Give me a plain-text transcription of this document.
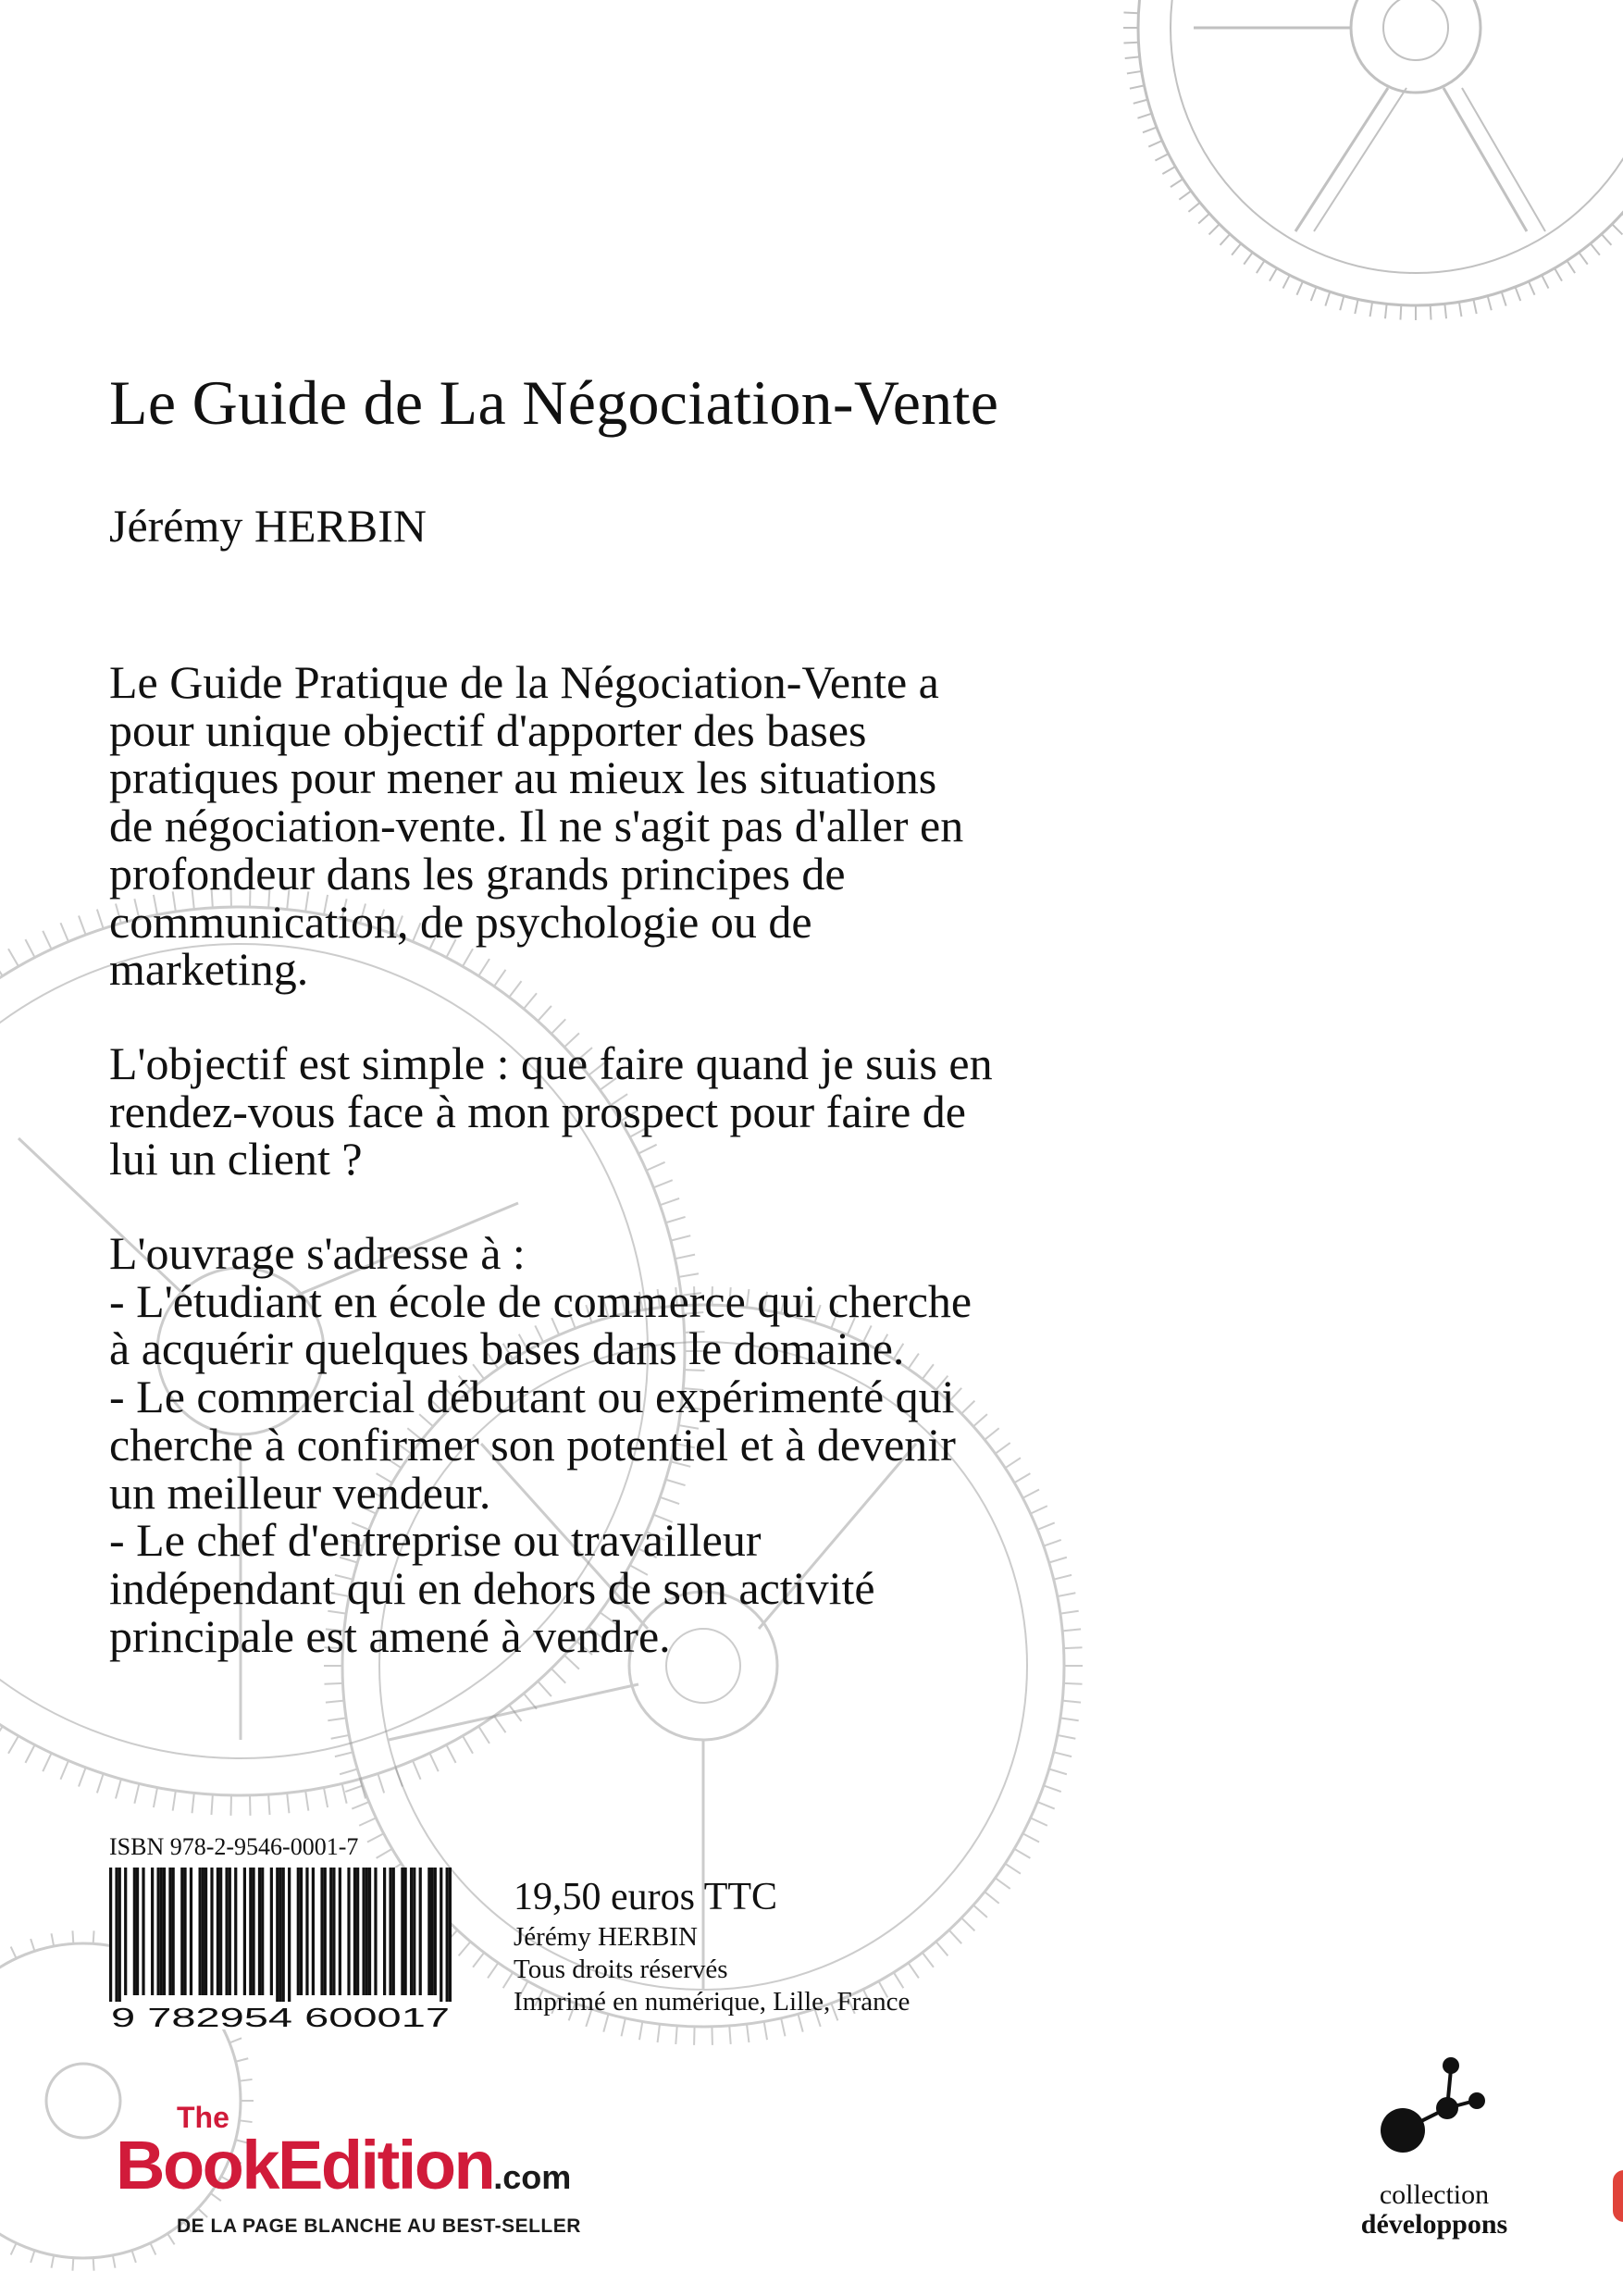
Le Guide de La Négociation-Vente
Jérémy HERBIN

Le Guide Pratique de la Négociation-Vente a
pour unique objectif d'apporter des bases
pratiques pour mener au mieux les situations
de négociation-vente. Il ne s'agit pas d'aller en
profondeur dans les grands principes de
communication, de psychologie ou de
marketing.

L'objectif est simple : que faire quand je suis en
rendez-vous face à mon prospect pour faire de
lui un client ?

L'ouvrage s'adresse à :
- L'étudiant en école de commerce qui cherche
à acquérir quelques bases dans le domaine.
- Le commercial débutant ou expérimenté qui
cherche à confirmer son potentiel et à devenir
un meilleur vendeur.
- Le chef d'entreprise ou travailleur
indépendant qui en dehors de son activité
principale est amené à vendre.

ISBN 978-2-9546-0001-7
9 782954 600017
19,50 euros TTC
Jérémy HERBIN
Tous droits réservés
Imprimé en numérique, Lille, France
The
BookEdition.com
DE LA PAGE BLANCHE AU BEST-SELLER
collection
développons
